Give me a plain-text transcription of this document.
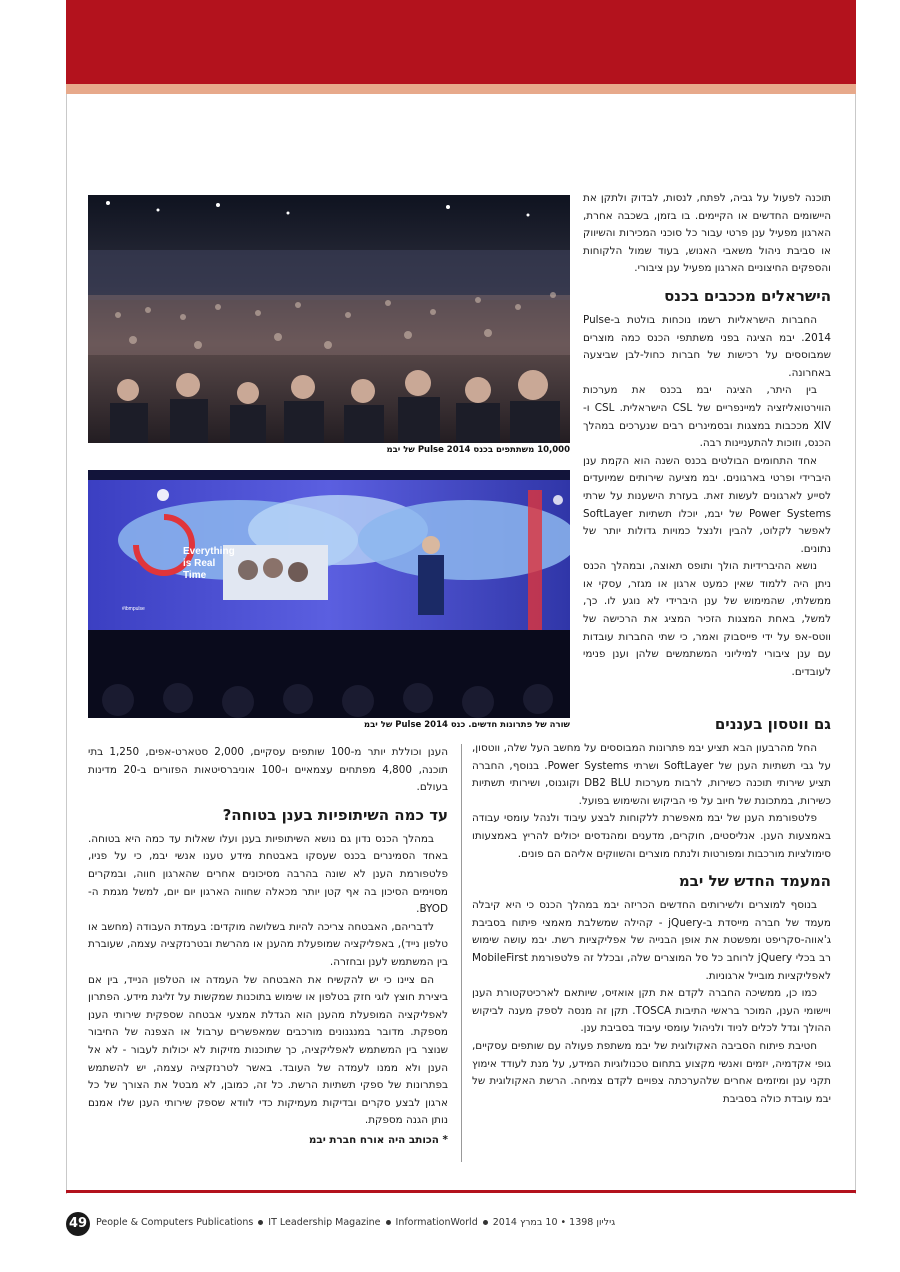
תוכנה לפעול על גביה, לפתח, לנסות, לבדוק ולתקן את היישומים החדשים או הקיימים. בו בזמן, בשכבה אחרת, הארגון מפעיל ענן פרטי עבור כל סוכני המכירות והשיווק או סביבת ניהול משאבי האנוש, בעוד שמול הלקוחות והספקים החיצוניים הארגון מפעיל ענן ציבורי.

הישראלים מככבים בכנס

החברות הישראליות רשמו נוכחות בולטת ב-Pulse 2014. יבמ הציגה בפני משתתפי הכנס כמה מוצרים שמבוססים על רכישות של חברות כחול-לבן שביצעה באחרונה.

בין היתר, הציגה יבמ בכנס את מערכות הווירטואליזציה למיינפריים של CSL הישראלית. CSL ו-XIV מככבות במצגות ובסמינרים רבים שנערכים במהלך הכנס, וזוכות להתעניינות רבה.

אחד התחומים הבולטים בכנס השנה הוא הקמת ענן היברידי ופרטי בארגונים. יבמ מציעה שירותים שמיועדים לסייע לארגונים לעשות זאת. בעזרת הישענות על שרתי Power Systems של יבמ, יוכלו תשתיות SoftLayer לאפשר לקלוט, להבין ולנצל כמויות גדולות יותר של נתונים.

נושא ההיברידיות הולך ותופס תאוצה, ובמהלך הכנס ניתן היה ללמוד שאין כמעט ארגון או מגזר, עסקי או ממשלתי, שהמימוש של ענן היברידי לא נוגע לו. כך, למשל, באחת המצגות הזכיר המציג את הרכישה של ווטס-אפ על ידי פייסבוק ואמר, כי שתי החברות עובדות עם ענן ציבורי למיליוני המשתמשים שלהן וענן פנימי לעובדים.

גם ווטסון בעננים

החל מהרבעון הבא תציע יבמ פתרונות המבוססים על מחשב העל שלה, ווטסון, על גבי תשתיות הענן של SoftLayer ושרתי Power Systems. בנוסף, החברה תציע שירותי תוכנה כשירות, לרבות מערכות DB2 BLU וקוגנוס, ושירותי תשתיות כשירות, במתכונת של חיוב על פי הביקוש והשימוש בפועל.

פלטפורמת הענן של יבמ מאפשרת ללקוחות לבצע עיבוד ולנהל עומסי עבודה באמצעות הענן. אנליסטים, חוקרים, מדענים ומהנדסים יכולים להריץ באמצעותו סימולציות מורכבות ומפורטות ולנתח מוצרים והשווקים אליהם הם פונים.

המעמד החדש של יבמ

בנוסף למוצרים ולשירותים החדשים הכריזה יבמ במהלך הכנס כי היא קיבלה מעמד של חברה מייסדת ב-jQuery - קהילה שמשלבת מאמצי פיתוח בסביבת ג'אווה-סקריפט ומפשטת את אופן הבנייה של אפליקציות רשת. יבמ עושה שימוש רב בכלי jQuery לרוחב כל סל המוצרים שלה, ובכלל זה פלטפורמת MobileFirst לאפליקציות מובייל ארגוניות.

כמו כן, ממשיכה החברה לקדם את תקן אואזיס, שיותאם לארכיטקטורת הענן ויישומי הענן, המוכר בראשי התיבות TOSCA. תקן זה מנסה לספק מענה לביקוש ההולך וגדל לכלים לניוד ולניהול עומסי עיבוד בסביבת ענן.

חטיבת פיתוח הסביבה האקולוגית של יבמ משתפת פעולה עם שותפים עסקיים, גופי אקדמיה, יזמים ואנשי מקצוע בתחום טכנולוגיות המידע, על מנת לעודד אימוץ תקני ענן ומיזמים אחרים שלהערכתה צפויים לקדם צמיחה. הרשת האקולוגית של יבמ עובדת כולה בסביבת

הענן וכוללת יותר מ-100 שותפים עסקיים, 2,000 סטארט-אפים, 1,250 בתי תוכנה, 4,800 מפתחים עצמאיים ו-100 אוניברסיטאות הפזורים ב-20 מדינות בעולם.

עד כמה השיתופיות בענן בטוחה?

במהלך הכנס נדון גם נושא השיתופיות בענן ועלו שאלות עד כמה היא בטוחה. באחד הסמינרים בכנס שעסקו באבטחת מידע טענו אנשי יבמ, כי על פניו, פלטפורמת הענן לא שונה בהרבה מסיכונים אחרים שהארגון חווה, ובמקרים מסוימים הסיכון בה אף קטן יותר מכאלה שחווה הארגון יום יום, למשל מגמת ה-BYOD.

לדבריהם, האבטחה צריכה להיות בשלושה מוקדים: בעמדת העבודה (מחשב או טלפון נייד), באפליקציה שמופעלת מהענן או מהרשת ובטרנזקציה עצמה, שעוברת בין המשתמש לענן ובחזרה.

הם ציינו כי יש להקשיח את האבטחה של העמדה או הטלפון הנייד, בין אם ביצירת חוצץ לוגי חזק בטלפון או שימוש בתוכנות שמקשות על זליגת מידע. הפתרון לאפליקציה המופעלת מהענן הוא הגדלת אמצעי אבטחה שספקית שירותי הענן מספקת. מדובר במנגנונים מורכבים שמאפשרים ערבול או הצפנה של החיבור שנוצר בין המשתמש לאפליקציה, כך שתוכנות מזיקות לא יכולות לעבור - לא אל הענן ולא ממנו לעמדה של העובד. באשר לטרנזקציה עצמה, יש להשתמש בפתרונות של ספקי תשתיות הרשת. כל זה, כמובן, לא מבטל את הצורך של כל ארגון לבצע סקרים ובדיקות מעמיקות כדי לוודא שספק שירותי הענן שלו אמנם נותן הגנה מספקת.

* הכותב היה אורח חברת יבמ

10,000 משתתפים בכנס Pulse 2014 של יבמ
Everything
is Real
Time
#ibmpulse
שורה של פתרונות חדשים. כנס Pulse 2014 של יבמ
49 People & Computers Publications IT Leadership Magazine InformationWorld גיליון 1398 • 10 במרץ 2014
